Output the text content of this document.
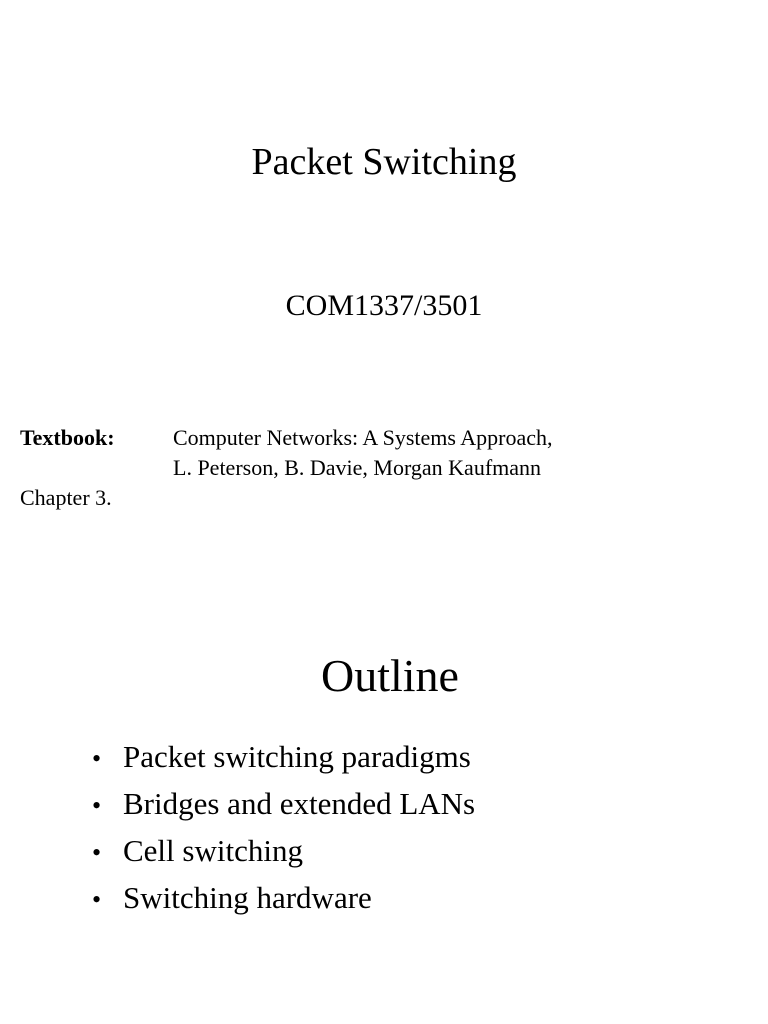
Packet Switching
COM1337/3501
Textbook:	Computer Networks: A Systems Approach,
L. Peterson, B. Davie, Morgan Kaufmann
Chapter 3.
Outline
• Packet switching paradigms
• Bridges and extended LANs
• Cell switching
• Switching hardware
